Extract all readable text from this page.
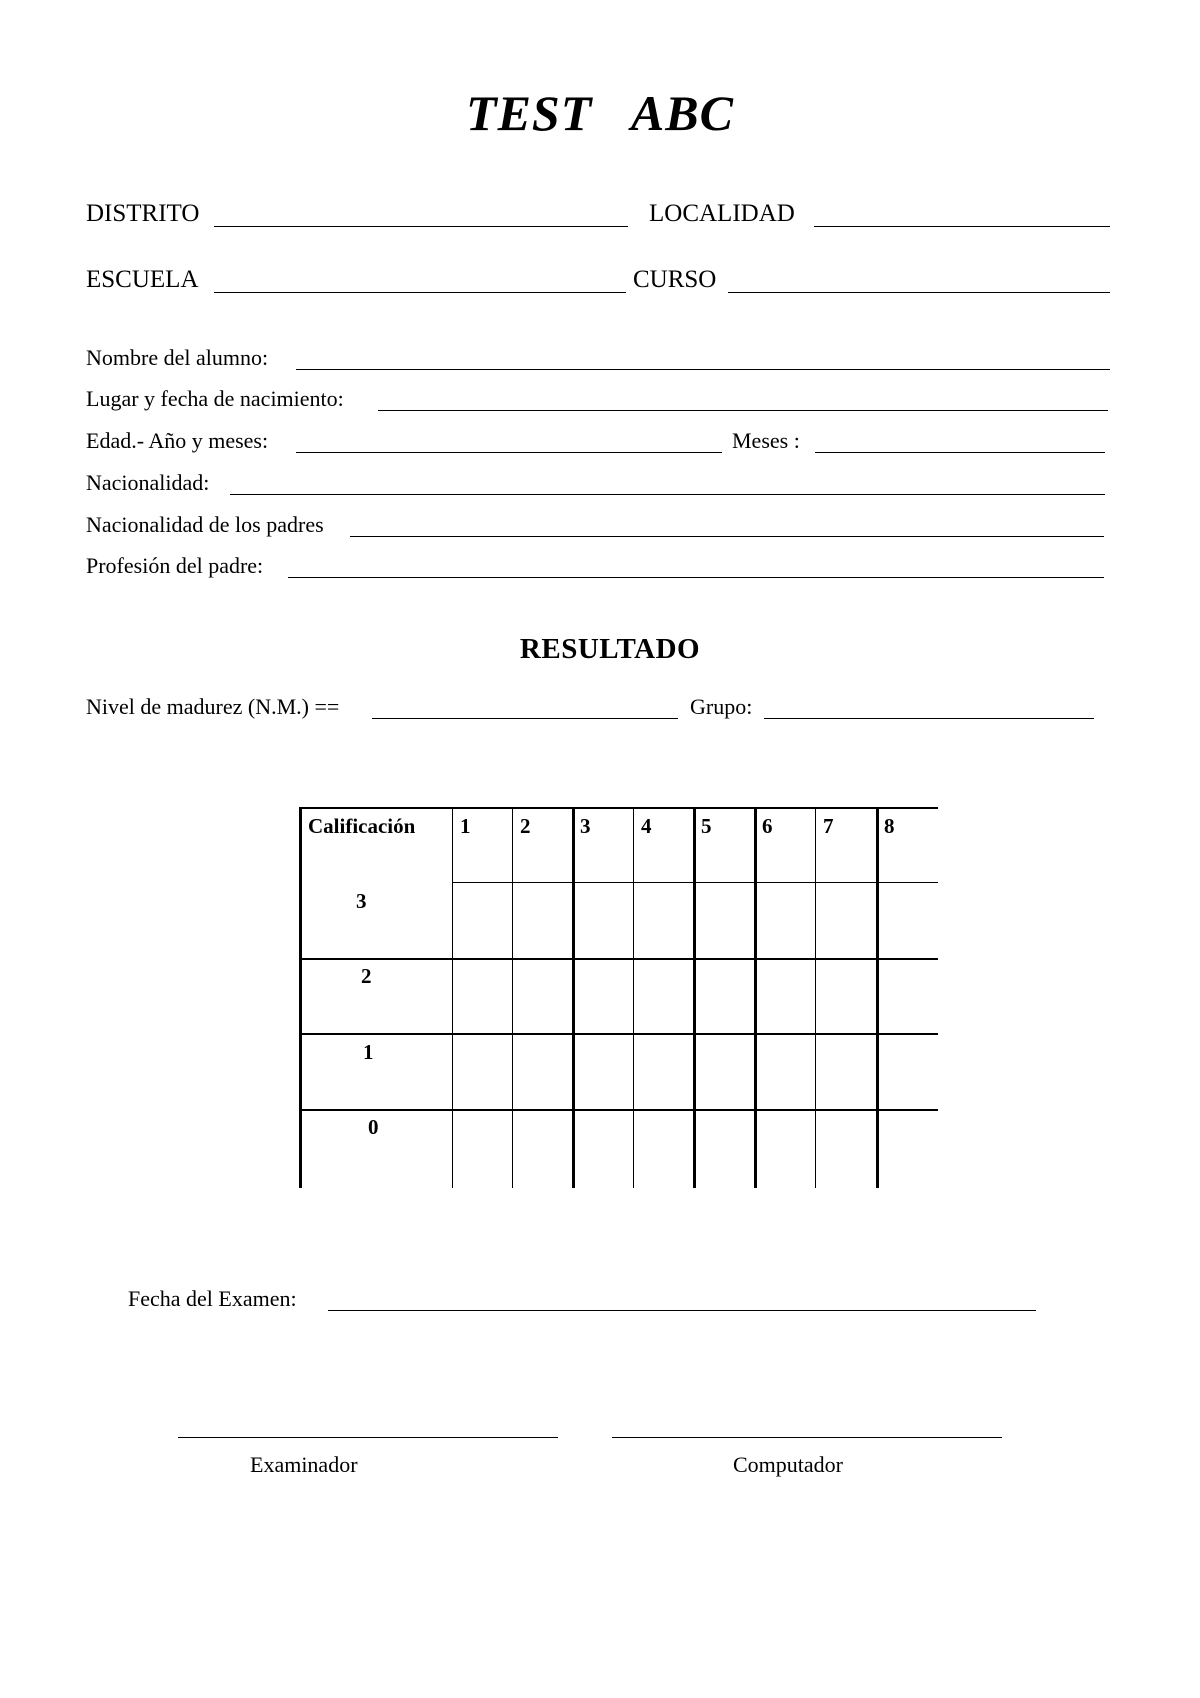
TEST   ABC
DISTRITO	LOCALIDAD
ESCUELA	CURSO
Nombre del alumno:
Lugar y fecha de nacimiento:
Edad.- Año y meses:	Meses :
Nacionalidad:
Nacionalidad de los padres
Profesión del padre:
RESULTADO
Nivel de madurez (N.M.) ==	Grupo:
Calificación 1 2 3 4 5 6 7 8
3
2
1
0
Fecha del Examen:
Examinador	Computador
